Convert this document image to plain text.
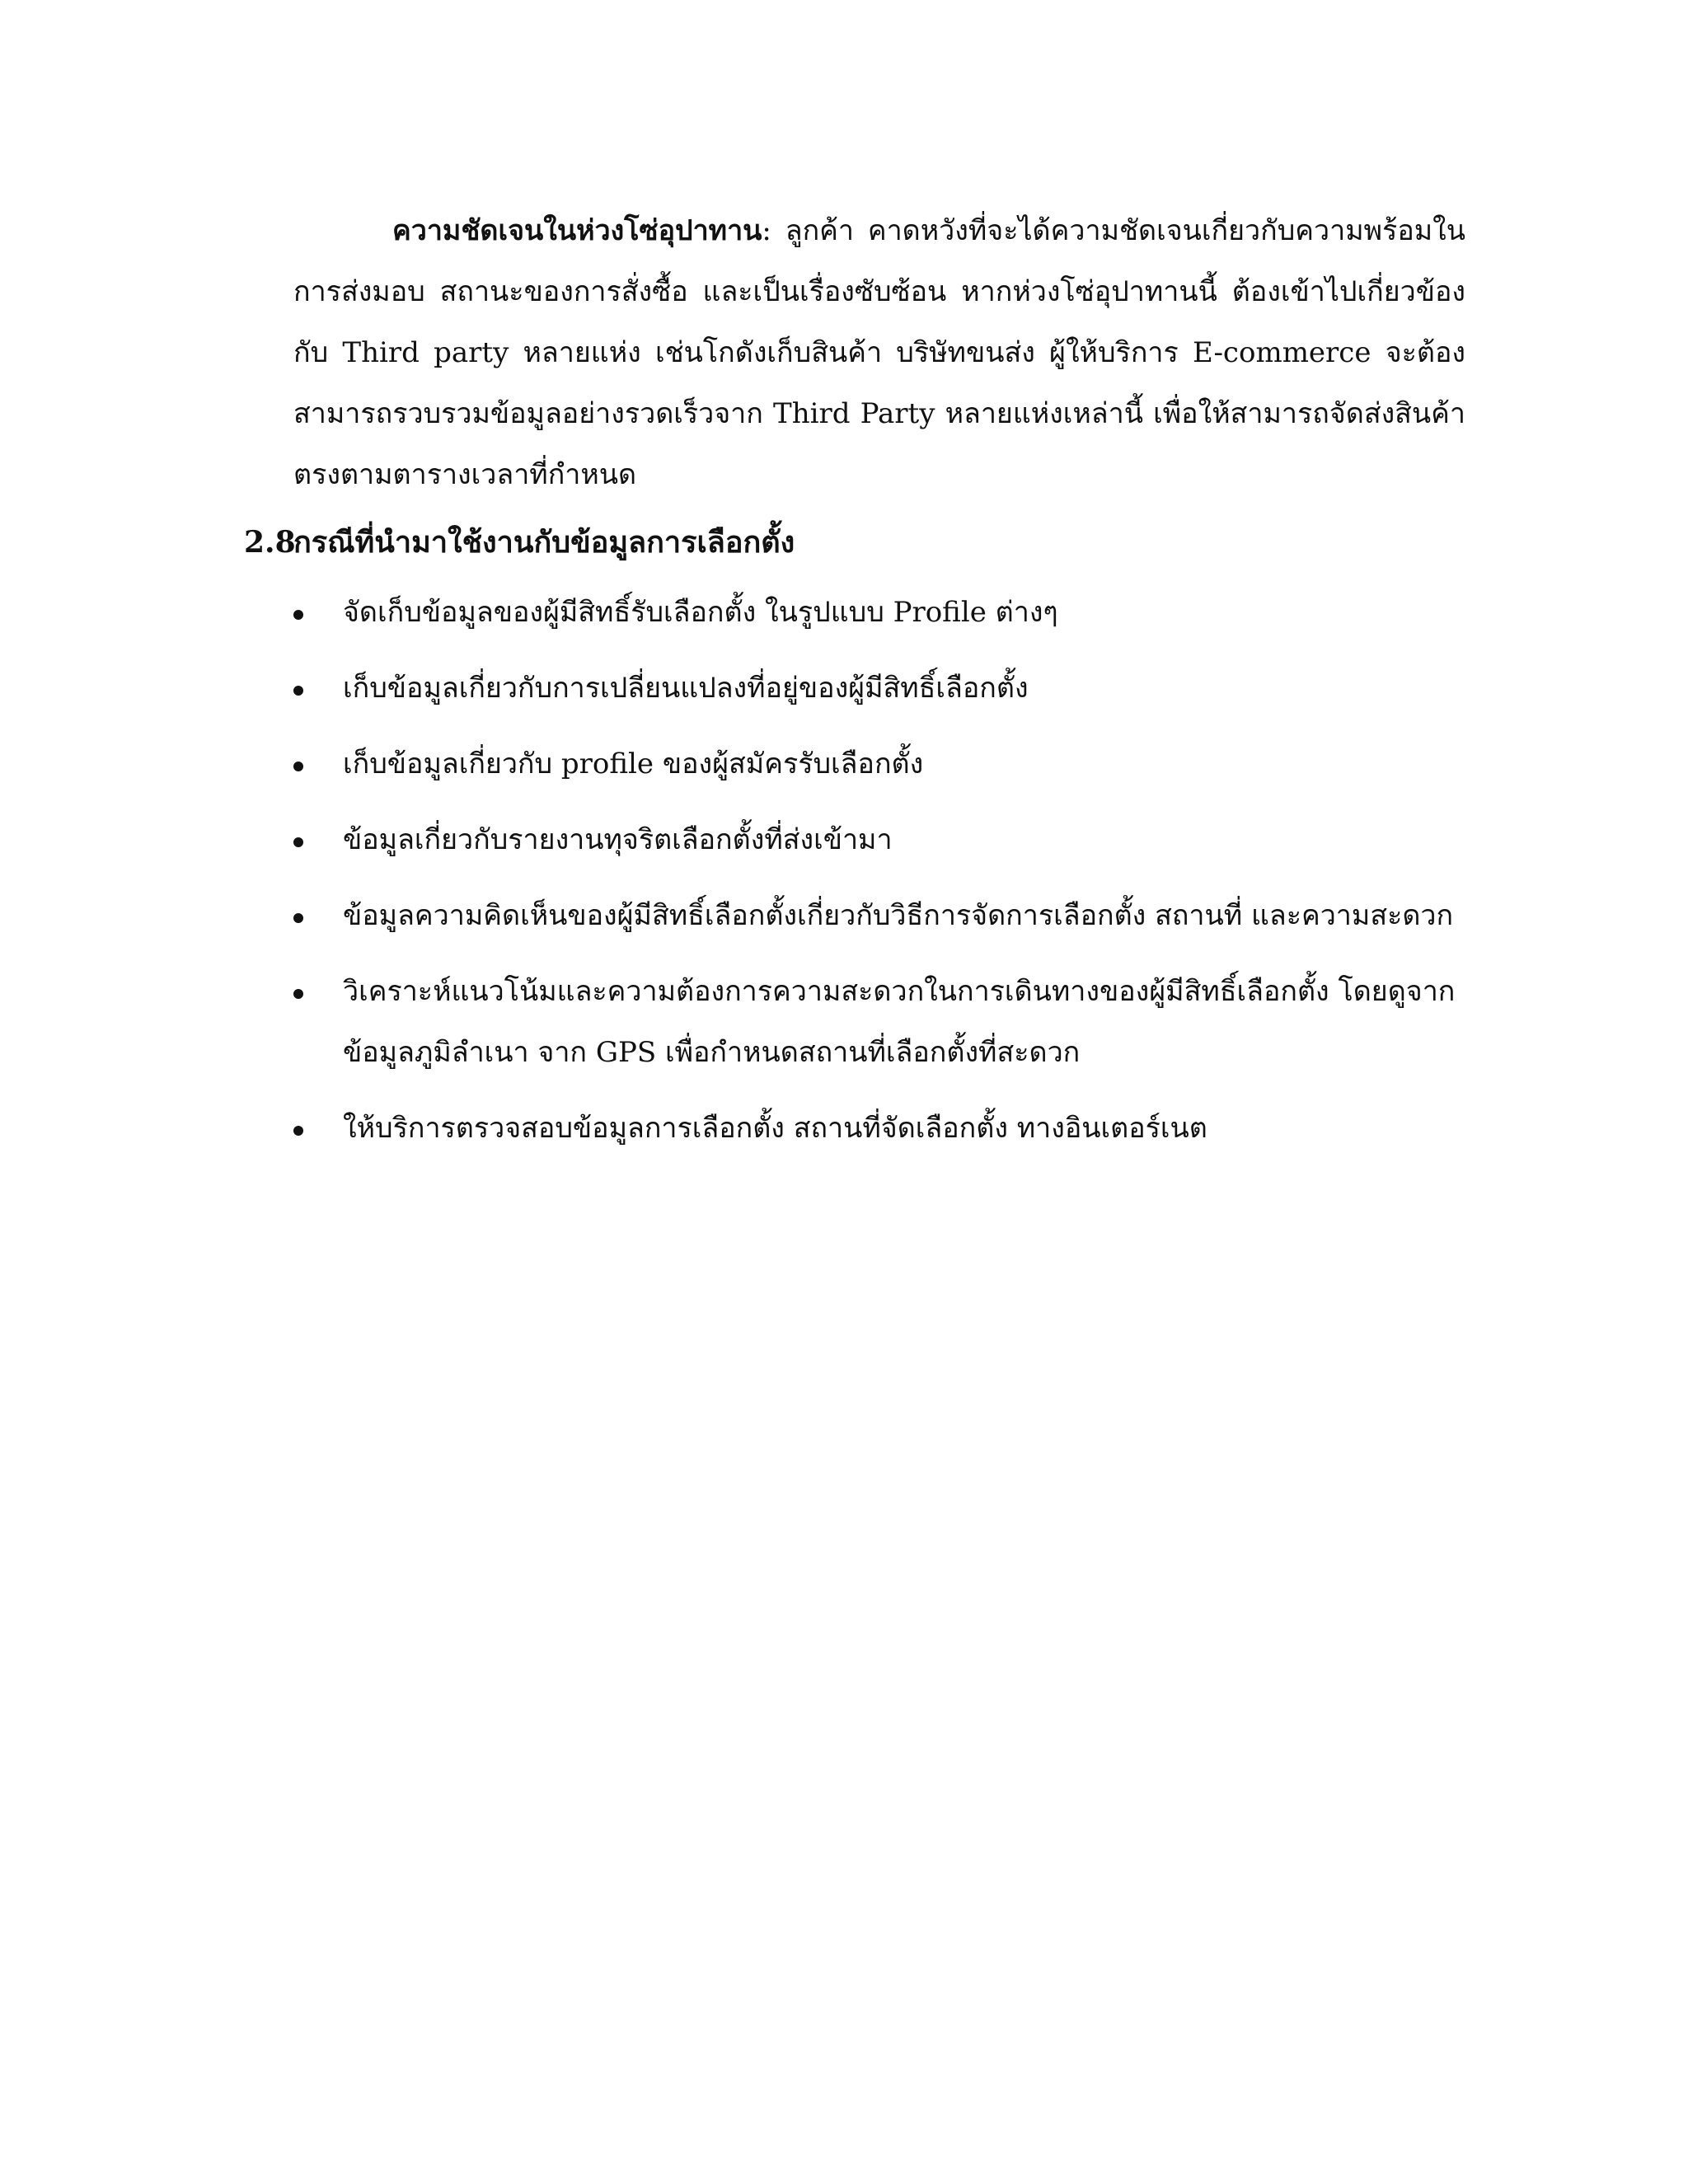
ความชัดเจนในห่วงโซ่อุปาทาน: ลูกค้า คาดหวังที่จะได้ความชัดเจนเกี่ยวกับความพร้อมในการส่งมอบ สถานะของการสั่งซื้อ และเป็นเรื่องซับซ้อน หากห่วงโซ่อุปาทานนี้ ต้องเข้าไปเกี่ยวข้องกับ Third party หลายแห่ง เช่นโกดังเก็บสินค้า บริษัทขนส่ง ผู้ให้บริการ E-commerce จะต้องสามารถรวบรวมข้อมูลอย่างรวดเร็วจาก Third Party หลายแห่งเหล่านี้ เพื่อให้สามารถจัดส่งสินค้าตรงตามตารางเวลาที่กำหนด

2.8กรณีที่นำมาใช้งานกับข้อมูลการเลือกตั้ง
จัดเก็บข้อมูลของผู้มีสิทธิ์รับเลือกตั้ง ในรูปแบบ Profile ต่างๆ
เก็บข้อมูลเกี่ยวกับการเปลี่ยนแปลงที่อยู่ของผู้มีสิทธิ์เลือกตั้ง
เก็บข้อมูลเกี่ยวกับ profile ของผู้สมัครรับเลือกตั้ง
ข้อมูลเกี่ยวกับรายงานทุจริตเลือกตั้งที่ส่งเข้ามา
ข้อมูลความคิดเห็นของผู้มีสิทธิ์เลือกตั้งเกี่ยวกับวิธีการจัดการเลือกตั้ง สถานที่ และความสะดวก
วิเคราะห์แนวโน้มและความต้องการความสะดวกในการเดินทางของผู้มีสิทธิ์เลือกตั้ง โดยดูจากข้อมูลภูมิลำเนา จาก GPS เพื่อกำหนดสถานที่เลือกตั้งที่สะดวก
ให้บริการตรวจสอบข้อมูลการเลือกตั้ง สถานที่จัดเลือกตั้ง ทางอินเตอร์เนต
